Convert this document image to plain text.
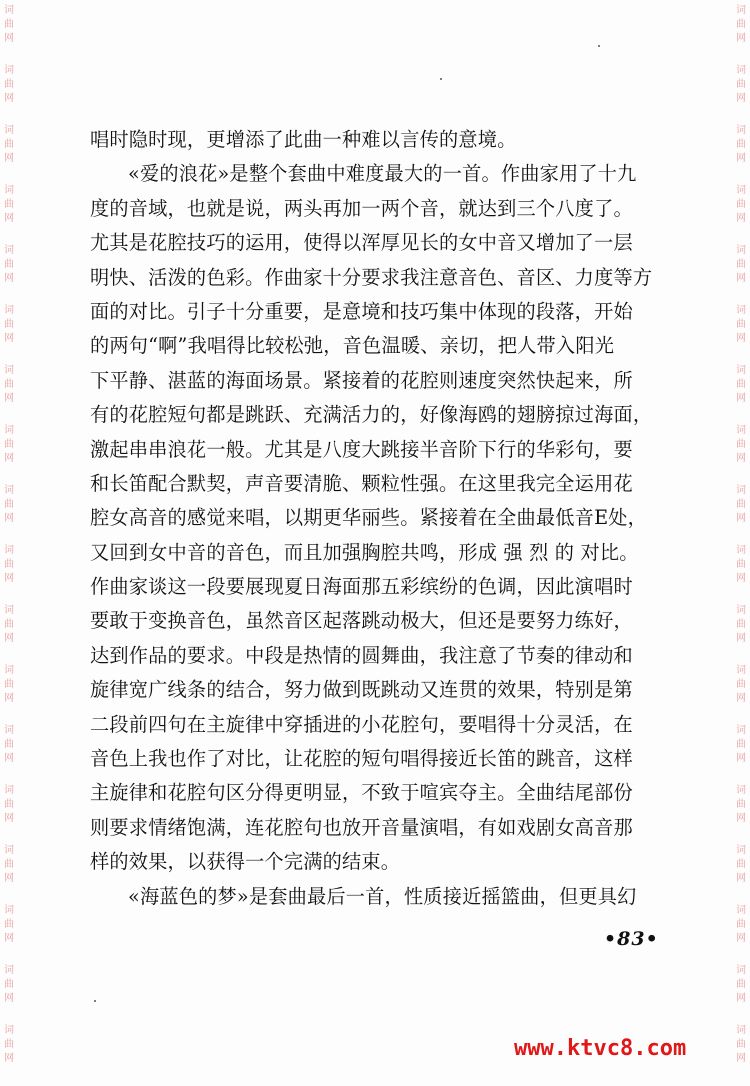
词
曲
网
词
曲
网
词
曲
网
词
曲
网
词
曲
网
词
曲
网
词
曲
网
词
曲
网
词
曲
网
词
曲
网
词
曲
网
词
曲
网
词
曲
网
词
曲
网
词
曲
网
词
曲
网
词
曲
网
词
曲
网
词
曲
网
词
曲
网
词
曲
网
词
曲
网
词
曲
网
词
曲
网
词
曲
网
词
曲
网
词
曲
网
词
曲
网
词
曲
网
词
曲
网
词
曲
网
词
曲
网
词
曲
网
词
曲
网
词
曲
网
词
曲
网
唱时隐时现，更增添了此曲一种难以言传的意境。
«爱的浪花»是整个套曲中难度最大的一首。作曲家用了十九
度的音域，也就是说，两头再加一两个音，就达到三个八度了。
尤其是花腔技巧的运用，使得以浑厚见长的女中音又增加了一层
明快、活泼的色彩。作曲家十分要求我注意音色、音区、力度等方
面的对比。引子十分重要，是意境和技巧集中体现的段落，开始
的两句“啊”我唱得比较松弛，音色温暖、亲切，把人带入阳光
下平静、湛蓝的海面场景。紧接着的花腔则速度突然快起来，所
有的花腔短句都是跳跃、充满活力的，好像海鸥的翅膀掠过海面，
激起串串浪花一般。尤其是八度大跳接半音阶下行的华彩句，要
和长笛配合默契，声音要清脆、颗粒性强。在这里我完全运用花
腔女高音的感觉来唱，以期更华丽些。紧接着在全曲最低音E处，
又回到女中音的音色，而且加强胸腔共鸣，形成 强 烈 的 对比。
作曲家谈这一段要展现夏日海面那五彩缤纷的色调，因此演唱时
要敢于变换音色，虽然音区起落跳动极大，但还是要努力练好，
达到作品的要求。中段是热情的圆舞曲，我注意了节奏的律动和
旋律宽广线条的结合，努力做到既跳动又连贯的效果，特别是第
二段前四句在主旋律中穿插进的小花腔句，要唱得十分灵活，在
音色上我也作了对比，让花腔的短句唱得接近长笛的跳音，这样
主旋律和花腔句区分得更明显，不致于喧宾夺主。全曲结尾部份
则要求情绪饱满，连花腔句也放开音量演唱，有如戏剧女高音那
样的效果，以获得一个完满的结束。
«海蓝色的梦»是套曲最后一首，性质接近摇篮曲，但更具幻
•83•
www.ktvc8.com
